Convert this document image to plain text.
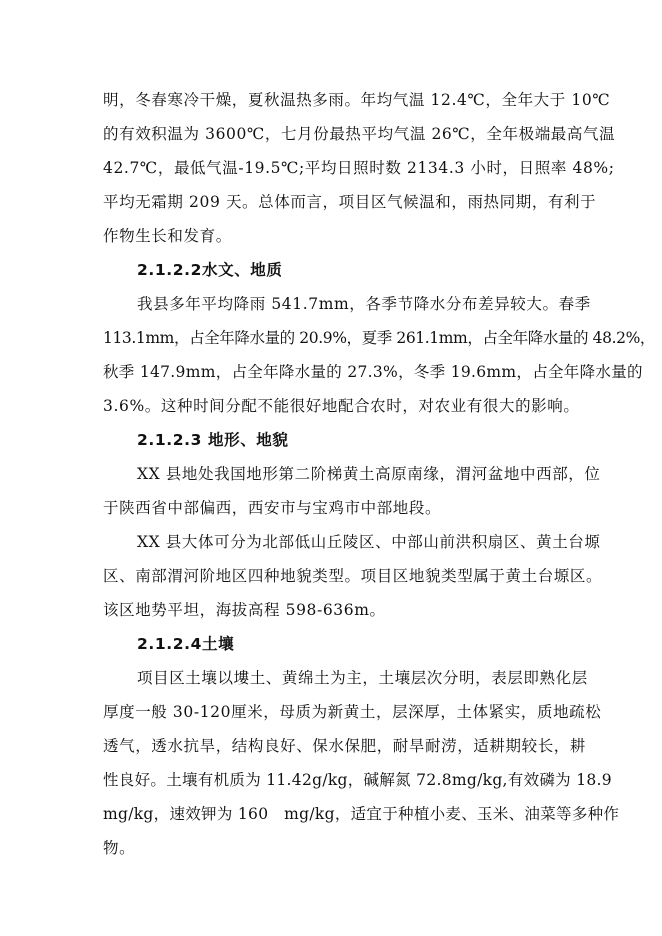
明，冬春寒冷干燥，夏秋温热多雨。年均气温 12.4℃，全年大于 10℃

的有效积温为 3600℃，七月份最热平均气温 26℃，全年极端最高气温

42.7℃，最低气温-19.5℃;平均日照时数 2134.3 小时，日照率 48%;

平均无霜期 209 天。总体而言，项目区气候温和，雨热同期，有利于

作物生长和发育。

2.1.2.2水文、地质

我县多年平均降雨 541.7mm，各季节降水分布差异较大。春季

113.1mm，占全年降水量的 20.9%，夏季 261.1mm，占全年降水量的 48.2%，

秋季 147.9mm，占全年降水量的 27.3%，冬季 19.6mm，占全年降水量的

3.6%。这种时间分配不能很好地配合农时，对农业有很大的影响。

2.1.2.3 地形、地貌

XX 县地处我国地形第二阶梯黄土高原南缘，渭河盆地中西部，位

于陕西省中部偏西，西安市与宝鸡市中部地段。

XX 县大体可分为北部低山丘陵区、中部山前洪积扇区、黄土台塬

区、南部渭河阶地区四种地貌类型。项目区地貌类型属于黄土台塬区。

该区地势平坦，海拔高程 598-636m。

2.1.2.4土壤

项目区土壤以塿土、黄绵土为主，土壤层次分明，表层即熟化层

厚度一般 30-120厘米，母质为新黄土，层深厚，土体紧实，质地疏松

透气，透水抗旱，结构良好、保水保肥，耐旱耐涝，适耕期较长，耕

性良好。土壤有机质为 11.42g/kg，碱解氮 72.8mg/kg,有效磷为 18.9

mg/kg，速效钾为 160　mg/kg，适宜于种植小麦、玉米、油菜等多种作

物。
